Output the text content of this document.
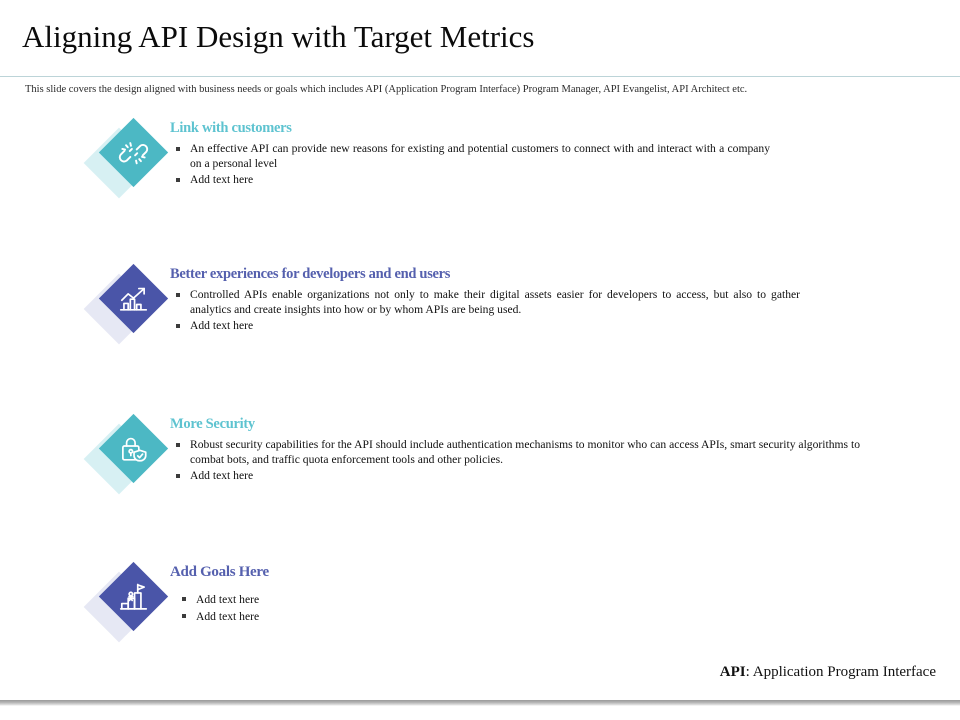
Aligning API Design with Target Metrics
This slide covers the design aligned with business needs or goals which includes API (Application Program Interface) Program Manager, API Evangelist, API Architect etc.
Link with customers
An effective API can provide new reasons for existing and potential customers to connect with and interact with a company on a personal level
Add text here
Better experiences for developers and end users
Controlled APIs enable organizations not only to make their digital assets easier for developers to access, but also to gather analytics and create insights into how or by whom APIs are being used.
Add text here
More Security
Robust security capabilities for the API should include authentication mechanisms to monitor who can access APIs, smart security algorithms to combat bots, and traffic quota enforcement tools and other policies.
Add text here
Add Goals Here
Add text here
Add text here
API: Application Program Interface
